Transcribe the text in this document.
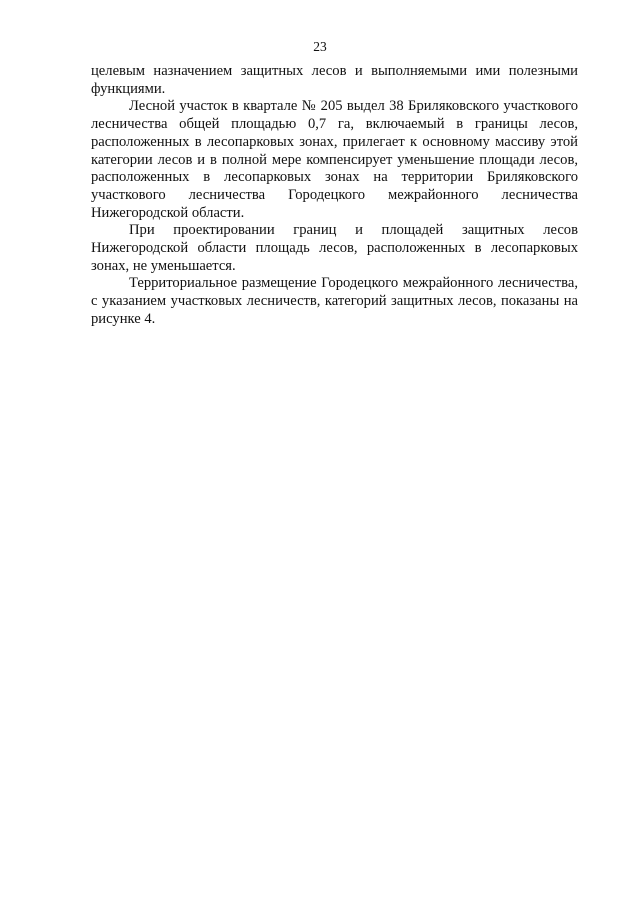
23

целевым назначением защитных лесов и выполняемыми ими полезными функциями.

Лесной участок в квартале № 205 выдел 38 Бриляковского участкового лесничества общей площадью 0,7 га, включаемый в границы лесов, расположенных в лесопарковых зонах, прилегает к основному массиву этой категории лесов и в полной мере компенсирует уменьшение площади лесов, расположенных в лесопарковых зонах на территории Бриляковского участкового лесничества Городецкого межрайонного лесничества Нижегородской области.

При проектировании границ и площадей защитных лесов Нижегородской области площадь лесов, расположенных в лесопарковых зонах, не уменьшается.

Территориальное размещение Городецкого межрайонного лесничества, с указанием участковых лесничеств, категорий защитных лесов, показаны на рисунке 4.
